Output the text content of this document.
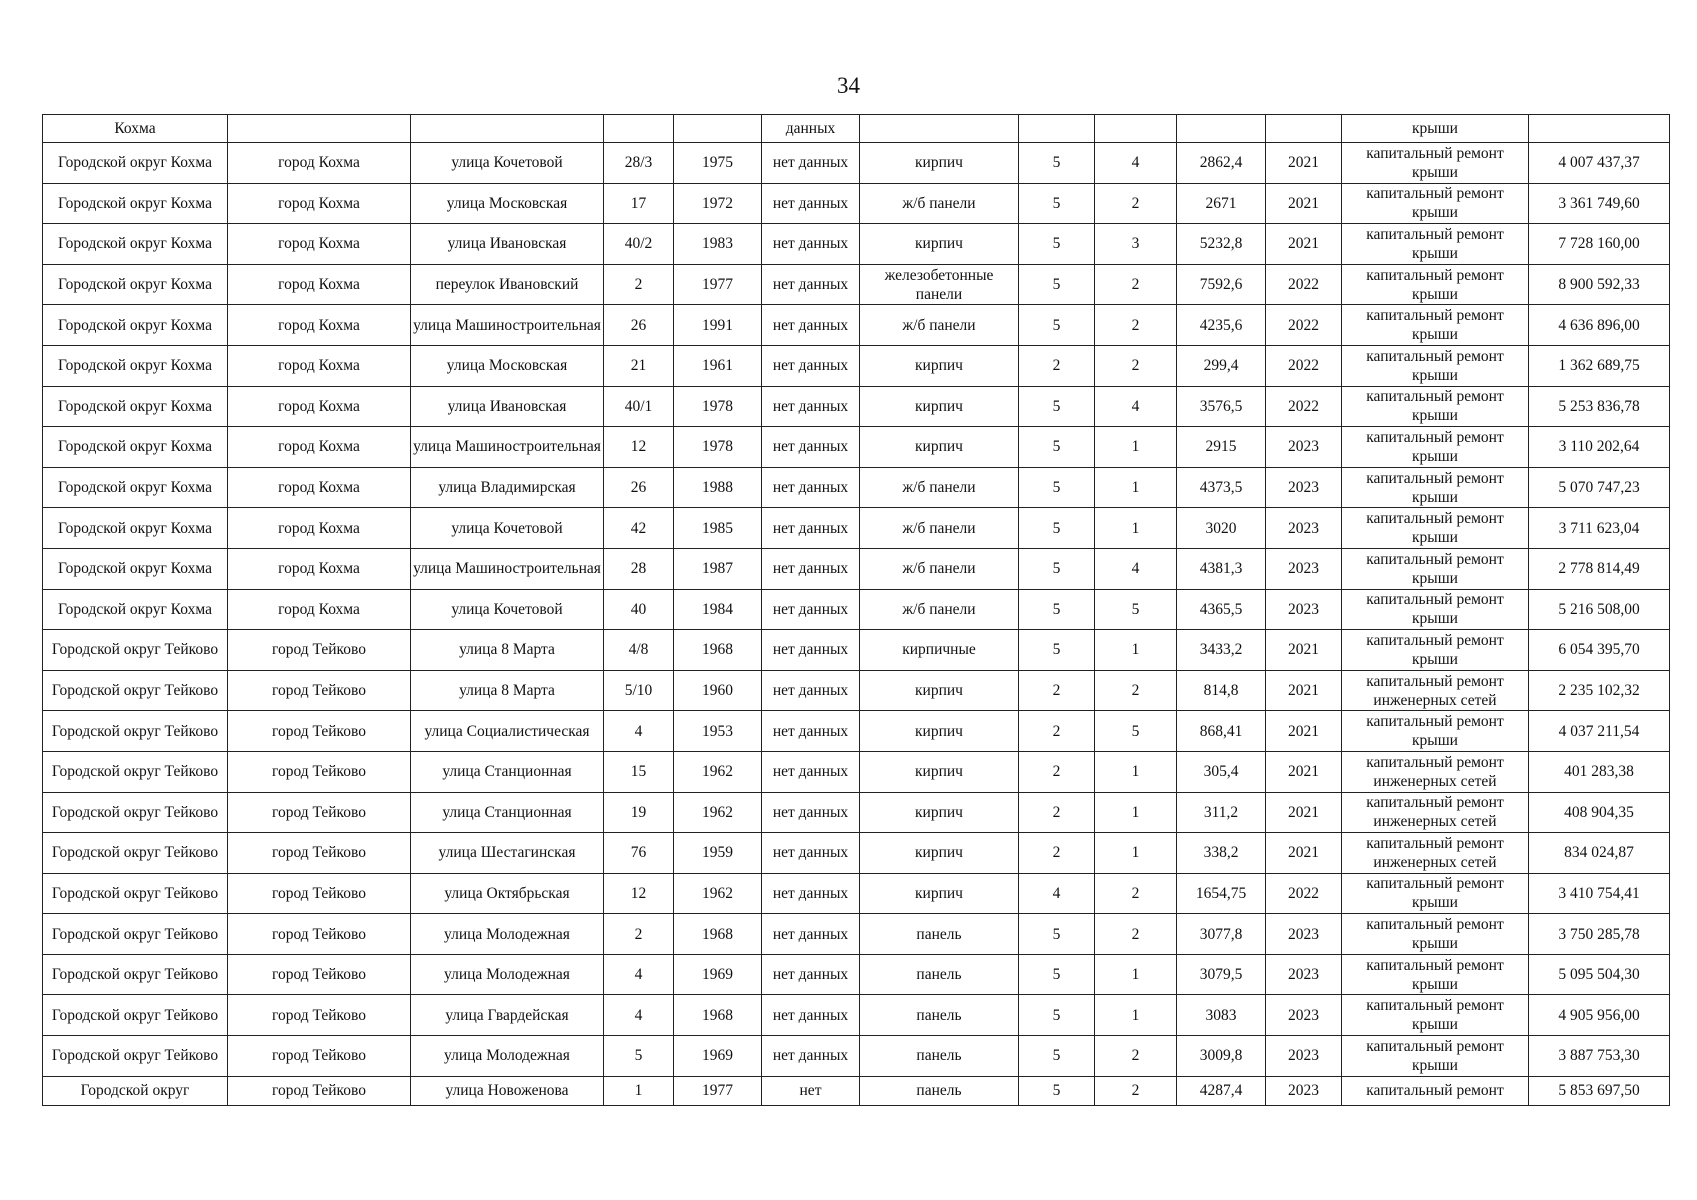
34
Кохма					данных						крыши	
Городской округ Кохма	город Кохма	улица Кочетовой	28/3	1975	нет данных	кирпич	5	4	2862,4	2021	капитальный ремонт крыши	4 007 437,37
Городской округ Кохма	город Кохма	улица Московская	17	1972	нет данных	ж/б панели	5	2	2671	2021	капитальный ремонт крыши	3 361 749,60
Городской округ Кохма	город Кохма	улица Ивановская	40/2	1983	нет данных	кирпич	5	3	5232,8	2021	капитальный ремонт крыши	7 728 160,00
Городской округ Кохма	город Кохма	переулок Ивановский	2	1977	нет данных	железобетонные панели	5	2	7592,6	2022	капитальный ремонт крыши	8 900 592,33
Городской округ Кохма	город Кохма	улица Машиностроительная	26	1991	нет данных	ж/б панели	5	2	4235,6	2022	капитальный ремонт крыши	4 636 896,00
Городской округ Кохма	город Кохма	улица Московская	21	1961	нет данных	кирпич	2	2	299,4	2022	капитальный ремонт крыши	1 362 689,75
Городской округ Кохма	город Кохма	улица Ивановская	40/1	1978	нет данных	кирпич	5	4	3576,5	2022	капитальный ремонт крыши	5 253 836,78
Городской округ Кохма	город Кохма	улица Машиностроительная	12	1978	нет данных	кирпич	5	1	2915	2023	капитальный ремонт крыши	3 110 202,64
Городской округ Кохма	город Кохма	улица Владимирская	26	1988	нет данных	ж/б панели	5	1	4373,5	2023	капитальный ремонт крыши	5 070 747,23
Городской округ Кохма	город Кохма	улица Кочетовой	42	1985	нет данных	ж/б панели	5	1	3020	2023	капитальный ремонт крыши	3 711 623,04
Городской округ Кохма	город Кохма	улица Машиностроительная	28	1987	нет данных	ж/б панели	5	4	4381,3	2023	капитальный ремонт крыши	2 778 814,49
Городской округ Кохма	город Кохма	улица Кочетовой	40	1984	нет данных	ж/б панели	5	5	4365,5	2023	капитальный ремонт крыши	5 216 508,00
Городской округ Тейково	город Тейково	улица 8 Марта	4/8	1968	нет данных	кирпичные	5	1	3433,2	2021	капитальный ремонт крыши	6 054 395,70
Городской округ Тейково	город Тейково	улица 8 Марта	5/10	1960	нет данных	кирпич	2	2	814,8	2021	капитальный ремонт инженерных сетей	2 235 102,32
Городской округ Тейково	город Тейково	улица Социалистическая	4	1953	нет данных	кирпич	2	5	868,41	2021	капитальный ремонт крыши	4 037 211,54
Городской округ Тейково	город Тейково	улица Станционная	15	1962	нет данных	кирпич	2	1	305,4	2021	капитальный ремонт инженерных сетей	401 283,38
Городской округ Тейково	город Тейково	улица Станционная	19	1962	нет данных	кирпич	2	1	311,2	2021	капитальный ремонт инженерных сетей	408 904,35
Городской округ Тейково	город Тейково	улица Шестагинская	76	1959	нет данных	кирпич	2	1	338,2	2021	капитальный ремонт инженерных сетей	834 024,87
Городской округ Тейково	город Тейково	улица Октябрьская	12	1962	нет данных	кирпич	4	2	1654,75	2022	капитальный ремонт крыши	3 410 754,41
Городской округ Тейково	город Тейково	улица Молодежная	2	1968	нет данных	панель	5	2	3077,8	2023	капитальный ремонт крыши	3 750 285,78
Городской округ Тейково	город Тейково	улица Молодежная	4	1969	нет данных	панель	5	1	3079,5	2023	капитальный ремонт крыши	5 095 504,30
Городской округ Тейково	город Тейково	улица Гвардейская	4	1968	нет данных	панель	5	1	3083	2023	капитальный ремонт крыши	4 905 956,00
Городской округ Тейково	город Тейково	улица Молодежная	5	1969	нет данных	панель	5	2	3009,8	2023	капитальный ремонт крыши	3 887 753,30
Городской округ	город Тейково	улица Новоженова	1	1977	нет	панель	5	2	4287,4	2023	капитальный ремонт	5 853 697,50
